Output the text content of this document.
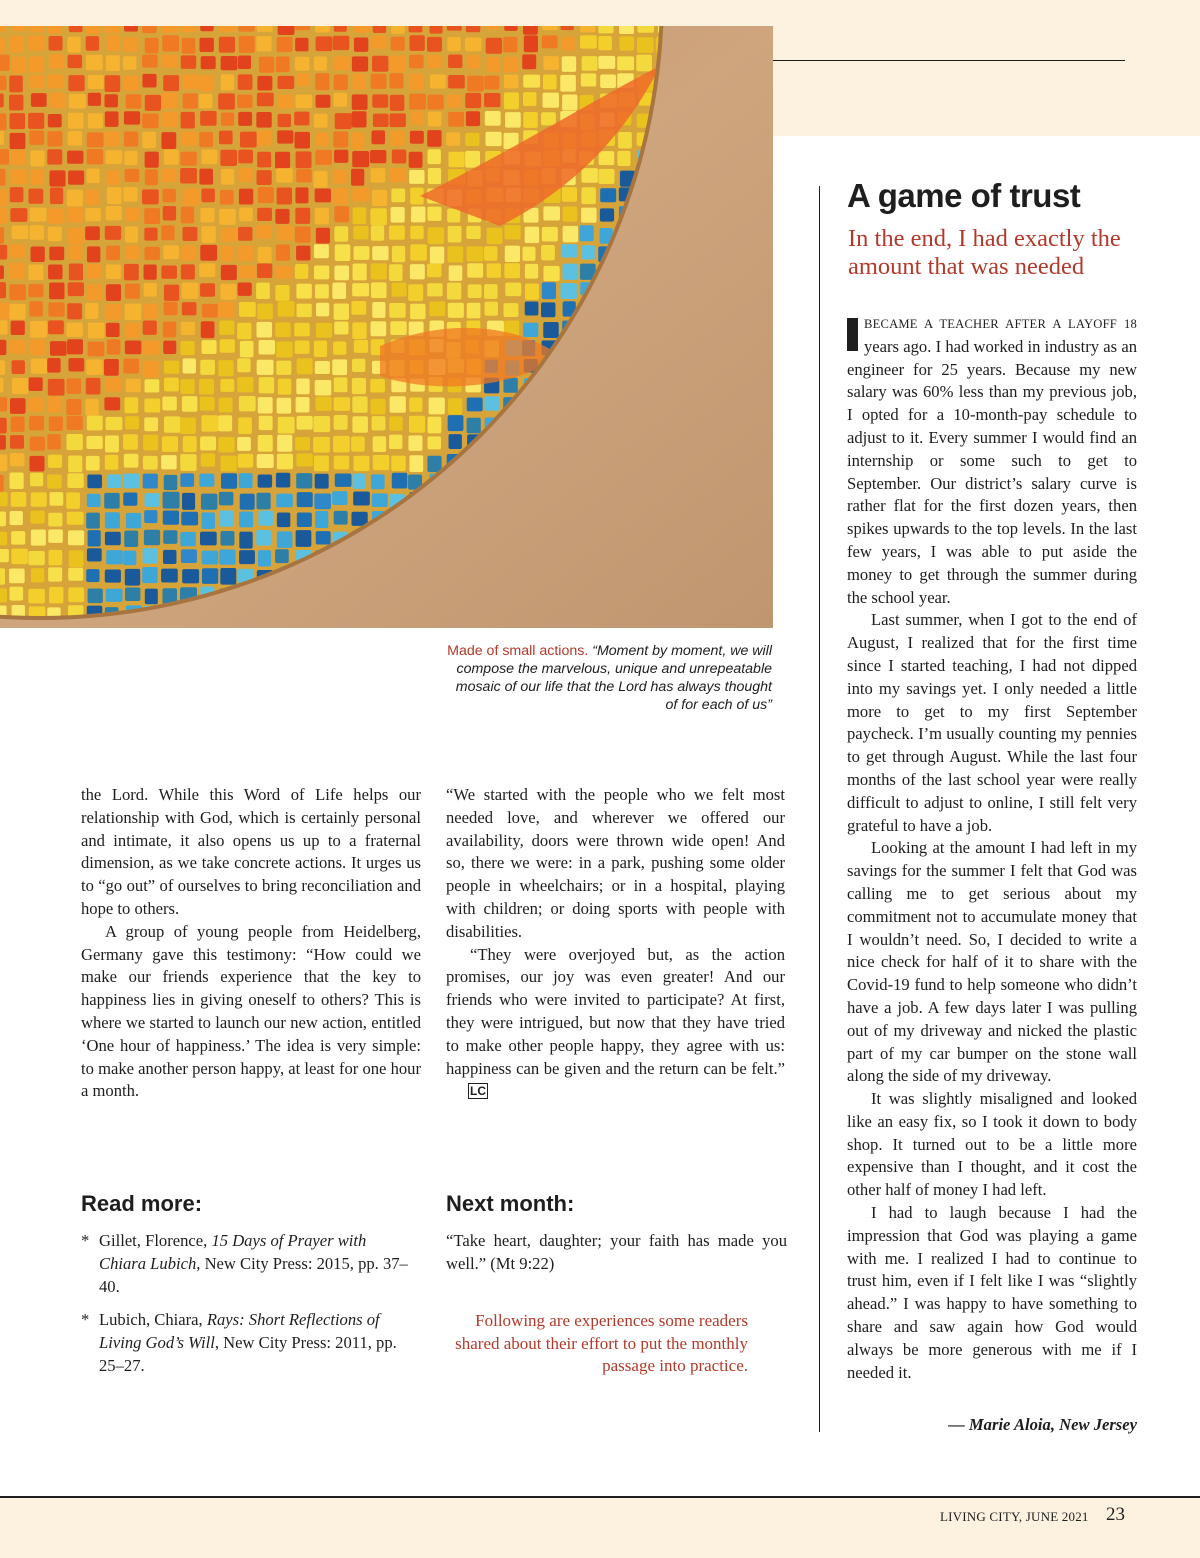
Made of small actions. “Moment by moment, we will compose the marvelous, unique and unrepeatable mosaic of our life that the Lord has always thought of for each of us”

the Lord. While this Word of Life helps our relationship with God, which is certainly personal and intimate, it also opens us up to a fraternal dimension, as we take concrete actions. It urges us to “go out” of ourselves to bring reconciliation and hope to others.

A group of young people from Heidelberg, Germany gave this testimony: “How could we make our friends experience that the key to happiness lies in giving oneself to others? This is where we started to launch our new action, entitled ‘One hour of happiness.’ The idea is very simple: to make another person happy, at least for one hour a month.

“We started with the people who we felt most needed love, and wherever we offered our availability, doors were thrown wide open! And so, there we were: in a park, pushing some older people in wheelchairs; or in a hospital, playing with children; or doing sports with people with disabilities.

“They were overjoyed but, as the action promises, our joy was even greater! And our friends who were invited to participate? At first, they were intrigued, but now that they have tried to make other people happy, they agree with us: happiness can be given and the return can be felt.”LC

Read more:
* Gillet, Florence, 15 Days of Prayer with Chiara Lubich, New City Press: 2015, pp. 37–40.
* Lubich, Chiara, Rays: Short Reflections of Living God’s Will, New City Press: 2011, pp. 25–27.
Next month:
“Take heart, daughter; your faith has made you well.” (Mt 9:22)
Following are experiences some readers shared about their effort to put the monthly passage into practice.
A game of trust
In the end, I had exactly the amount that was needed

BECAME A TEACHER AFTER A LAYOFF 18 years ago. I had worked in industry as an engineer for 25 years. Because my new salary was 60% less than my previous job, I opted for a 10-month-pay schedule to adjust to it. Every summer I would find an internship or some such to get to September. Our district’s salary curve is rather flat for the first dozen years, then spikes upwards to the top levels. In the last few years, I was able to put aside the money to get through the summer during the school year.

Last summer, when I got to the end of August, I realized that for the first time since I started teaching, I had not dipped into my savings yet. I only needed a little more to get to my first September paycheck. I’m usually counting my pennies to get through August. While the last four months of the last school year were really difficult to adjust to online, I still felt very grateful to have a job.

Looking at the amount I had left in my savings for the summer I felt that God was calling me to get serious about my commitment not to accumulate money that I wouldn’t need. So, I decided to write a nice check for half of it to share with the Covid-19 fund to help someone who didn’t have a job. A few days later I was pulling out of my driveway and nicked the plastic part of my car bumper on the stone wall along the side of my driveway.

It was slightly misaligned and looked like an easy fix, so I took it down to body shop. It turned out to be a little more expensive than I thought, and it cost the other half of money I had left.

I had to laugh because I had the impression that God was playing a game with me. I realized I had to continue to trust him, even if I felt like I was “slightly ahead.” I was happy to have something to share and saw again how God would always be more generous with me if I needed it.

— Marie Aloia, New Jersey
LIVING CITY, JUNE 2021 23
